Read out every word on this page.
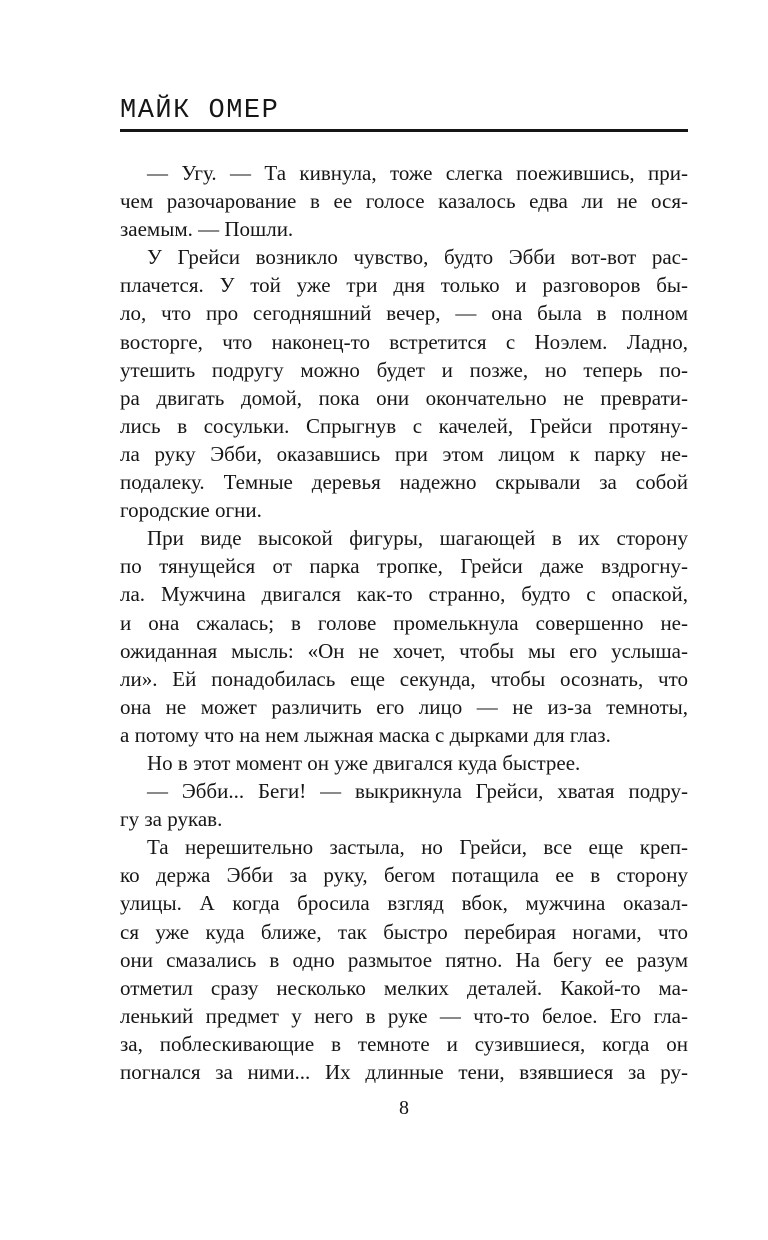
МАЙК ОМЕР
— Угу. — Та кивнула, тоже слегка поежившись, при-
чем разочарование в ее голосе казалось едва ли не ося-
заемым. — Пошли.
У Грейси возникло чувство, будто Эбби вот-вот рас-
плачется. У той уже три дня только и разговоров бы-
ло, что про сегодняшний вечер, — она была в полном
восторге, что наконец-то встретится с Ноэлем. Ладно,
утешить подругу можно будет и позже, но теперь по-
ра двигать домой, пока они окончательно не преврати-
лись в сосульки. Спрыгнув с качелей, Грейси протяну-
ла руку Эбби, оказавшись при этом лицом к парку не-
подалеку. Темные деревья надежно скрывали за собой
городские огни.
При виде высокой фигуры, шагающей в их сторону
по тянущейся от парка тропке, Грейси даже вздрогну-
ла. Мужчина двигался как-то странно, будто с опаской,
и она сжалась; в голове промелькнула совершенно не-
ожиданная мысль: «Он не хочет, чтобы мы его услыша-
ли». Ей понадобилась еще секунда, чтобы осознать, что
она не может различить его лицо — не из-за темноты,
а потому что на нем лыжная маска с дырками для глаз.
Но в этот момент он уже двигался куда быстрее.
— Эбби... Беги! — выкрикнула Грейси, хватая подру-
гу за рукав.
Та нерешительно застыла, но Грейси, все еще креп-
ко держа Эбби за руку, бегом потащила ее в сторону
улицы. А когда бросила взгляд вбок, мужчина оказал-
ся уже куда ближе, так быстро перебирая ногами, что
они смазались в одно размытое пятно. На бегу ее разум
отметил сразу несколько мелких деталей. Какой-то ма-
ленький предмет у него в руке — что-то белое. Его гла-
за, поблескивающие в темноте и сузившиеся, когда он
погнался за ними... Их длинные тени, взявшиеся за ру-
8
